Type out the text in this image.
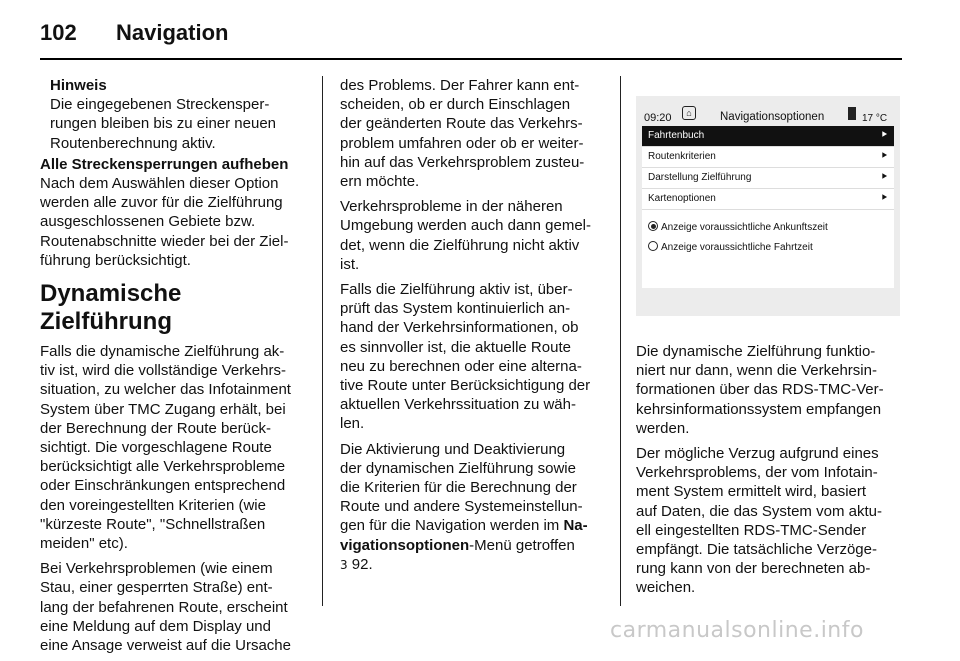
102 Navigation
Hinweis
Die eingegebenen Streckensper-
rungen bleiben bis zu einer neuen
Routenberechnung aktiv.

Alle Streckensperrungen aufheben

Nach dem Auswählen dieser Option
werden alle zuvor für die Zielführung
ausgeschlossenen Gebiete bzw.
Routenabschnitte wieder bei der Ziel-
führung berücksichtigt.

Dynamische Zielführung

Falls die dynamische Zielführung ak-
tiv ist, wird die vollständige Verkehrs-
situation, zu welcher das Infotainment
System über TMC Zugang erhält, bei
der Berechnung der Route berück-
sichtigt. Die vorgeschlagene Route
berücksichtigt alle Verkehrsprobleme
oder Einschränkungen entsprechend
den voreingestellten Kriterien (wie
"kürzeste Route", "Schnellstraßen
meiden" etc).

Bei Verkehrsproblemen (wie einem
Stau, einer gesperrten Straße) ent-
lang der befahrenen Route, erscheint
eine Meldung auf dem Display und
eine Ansage verweist auf die Ursache

des Problems. Der Fahrer kann ent-
scheiden, ob er durch Einschlagen
der geänderten Route das Verkehrs-
problem umfahren oder ob er weiter-
hin auf das Verkehrsproblem zusteu-
ern möchte.

Verkehrsprobleme in der näheren
Umgebung werden auch dann gemel-
det, wenn die Zielführung nicht aktiv
ist.

Falls die Zielführung aktiv ist, über-
prüft das System kontinuierlich an-
hand der Verkehrsinformationen, ob
es sinnvoller ist, die aktuelle Route
neu zu berechnen oder eine alterna-
tive Route unter Berücksichtigung der
aktuellen Verkehrssituation zu wäh-
len.

Die Aktivierung und Deaktivierung
der dynamischen Zielführung sowie
die Kriterien für die Berechnung der
Route und andere Systemeinstellun-
gen für die Navigation werden im Na-
vigationsoptionen-Menü getroffen
3 92.

09:20	⌂	Navigationsoptionen	17 °C
Fahrtenbuch	⯈
Routenkriterien	⯈
Darstellung Zielführung	⯈
Kartenoptionen	⯈
Anzeige voraussichtliche Ankunftszeit
Anzeige voraussichtliche Fahrtzeit

Die dynamische Zielführung funktio-
niert nur dann, wenn die Verkehrsin-
formationen über das RDS-TMC-Ver-
kehrsinformationssystem empfangen
werden.

Der mögliche Verzug aufgrund eines
Verkehrsproblems, der vom Infotain-
ment System ermittelt wird, basiert
auf Daten, die das System vom aktu-
ell eingestellten RDS-TMC-Sender
empfängt. Die tatsächliche Verzöge-
rung kann von der berechneten ab-
weichen.

carmanualsonline.info
